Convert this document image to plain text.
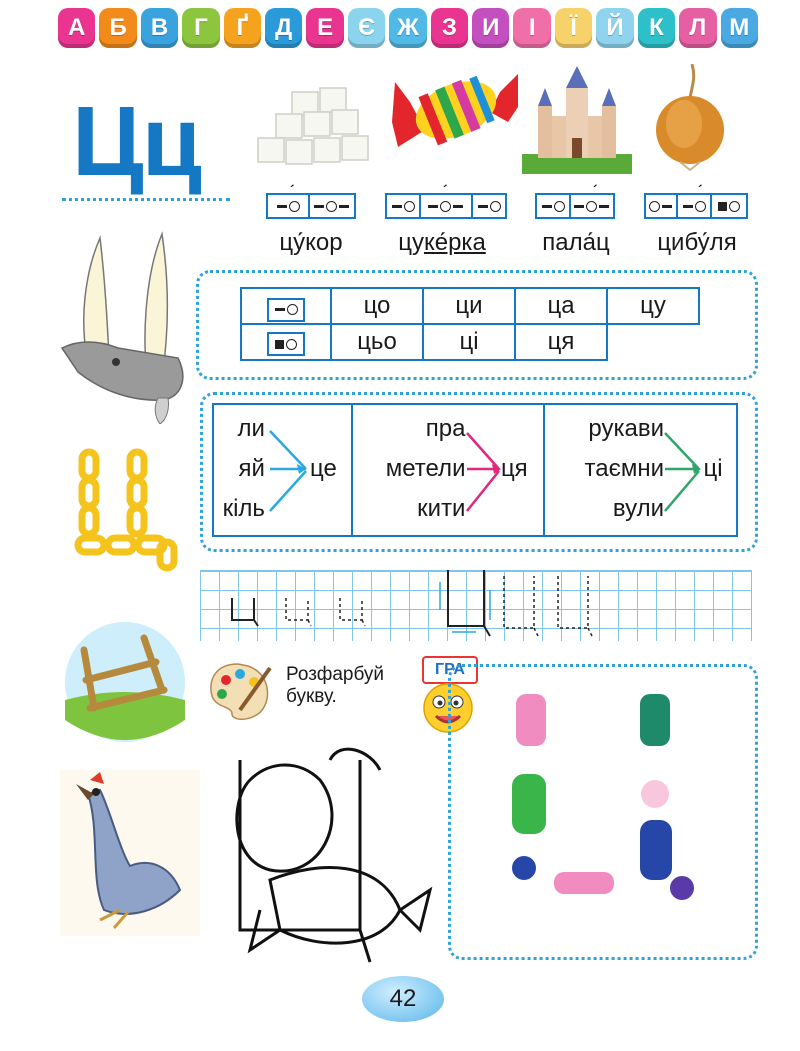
А	Б	В	Г	Ґ	Д	Е	Є Ж З	И	І	Ї	Й	К	Л М
Цц	´	´	´	´
цу́кор	цуке́рка	пала́ц	цибу́ля
	цо	ци	ца	цу

	цьо	ці	ця	
ли
яй
кіль
це
пра
метели
кити
ця
рукави
таємни
вули
ці
Розфарбуй
букву.
ГРА
42
